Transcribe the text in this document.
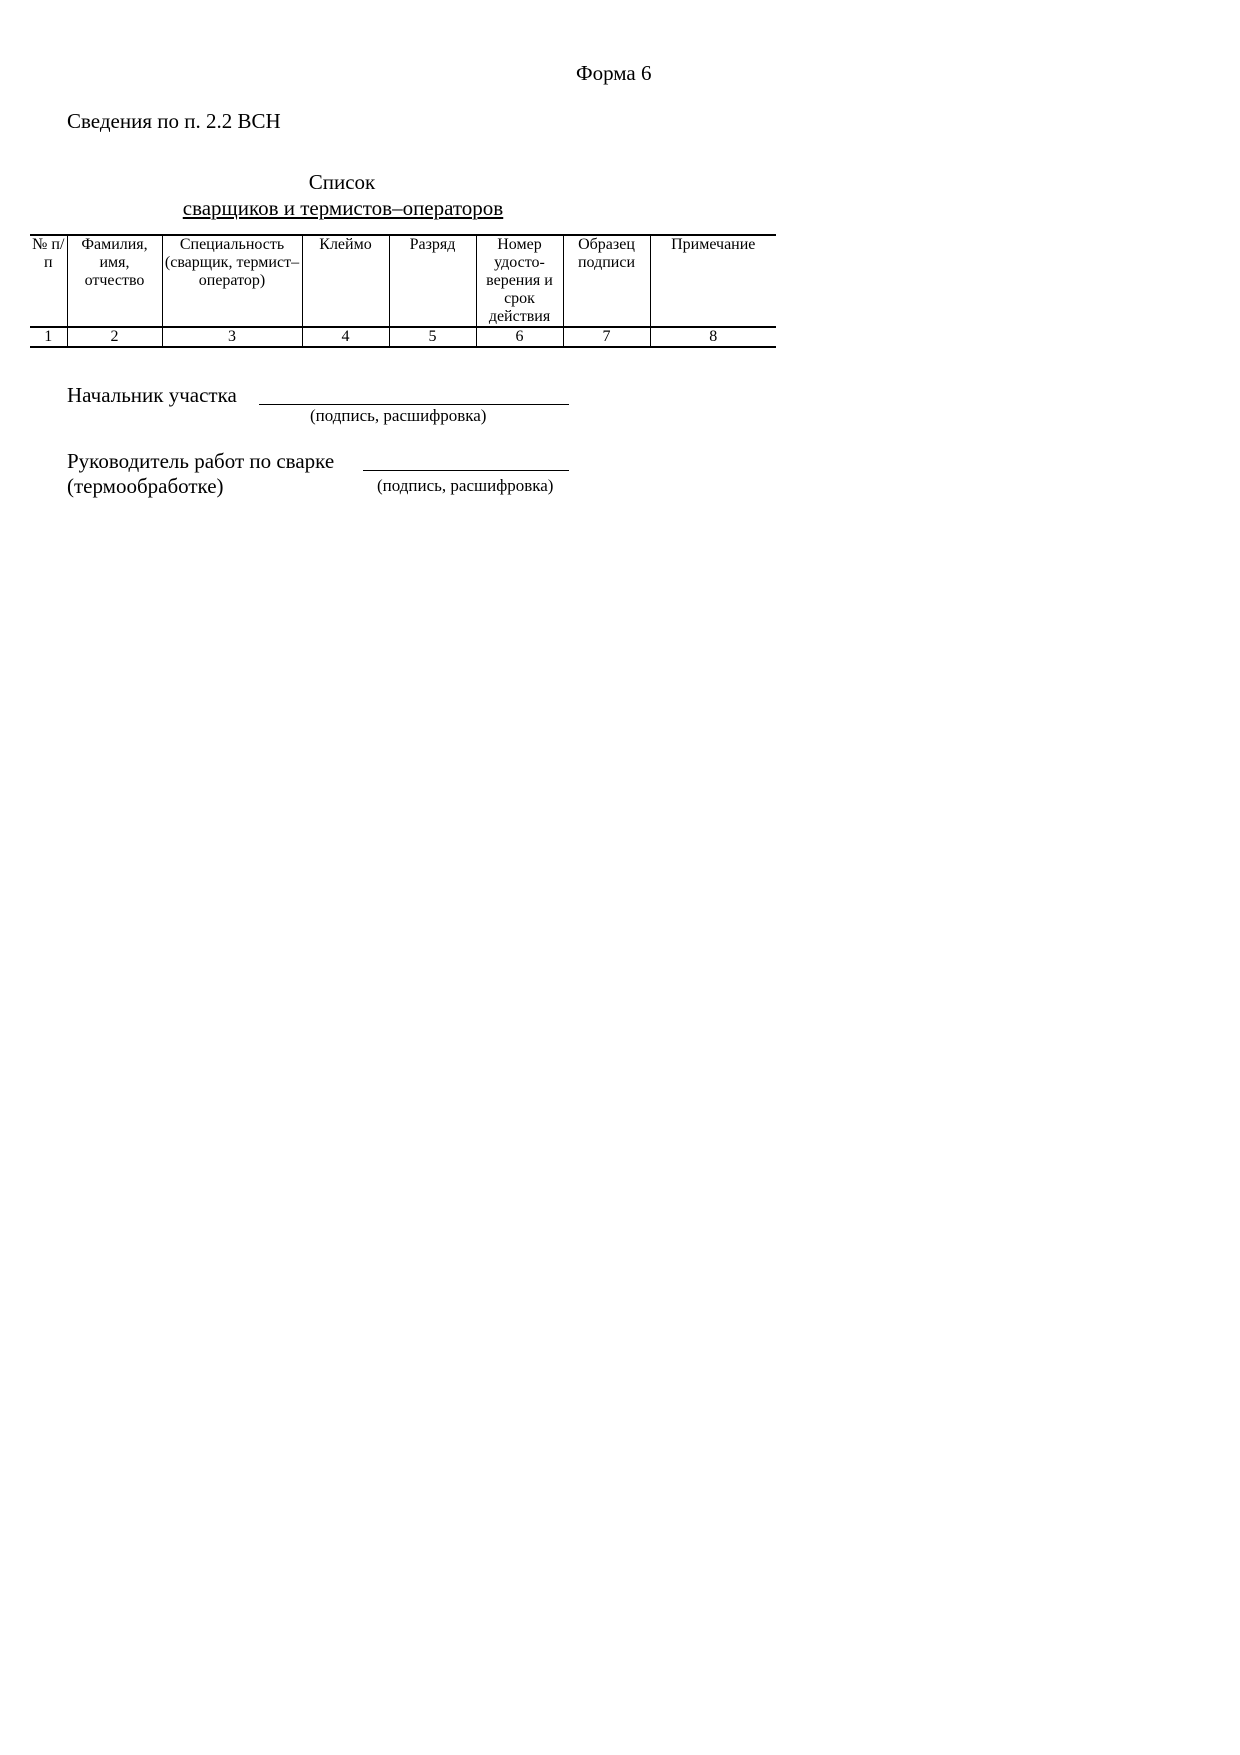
Форма 6
Сведения по п. 2.2 ВСН
Список
сварщиков и термистов–операторов
№ п/п	Фамилия, имя, отчество	Специальность (сварщик, термист–оператор)	Клеймо	Разряд	Номер удосто-верения и срок действия	Образец подписи	Примечание
1	2	3	4	5	6	7	8
Начальник участка
(подпись, расшифровка)
Руководитель работ по сварке
(термообработке)	(подпись, расшифровка)
